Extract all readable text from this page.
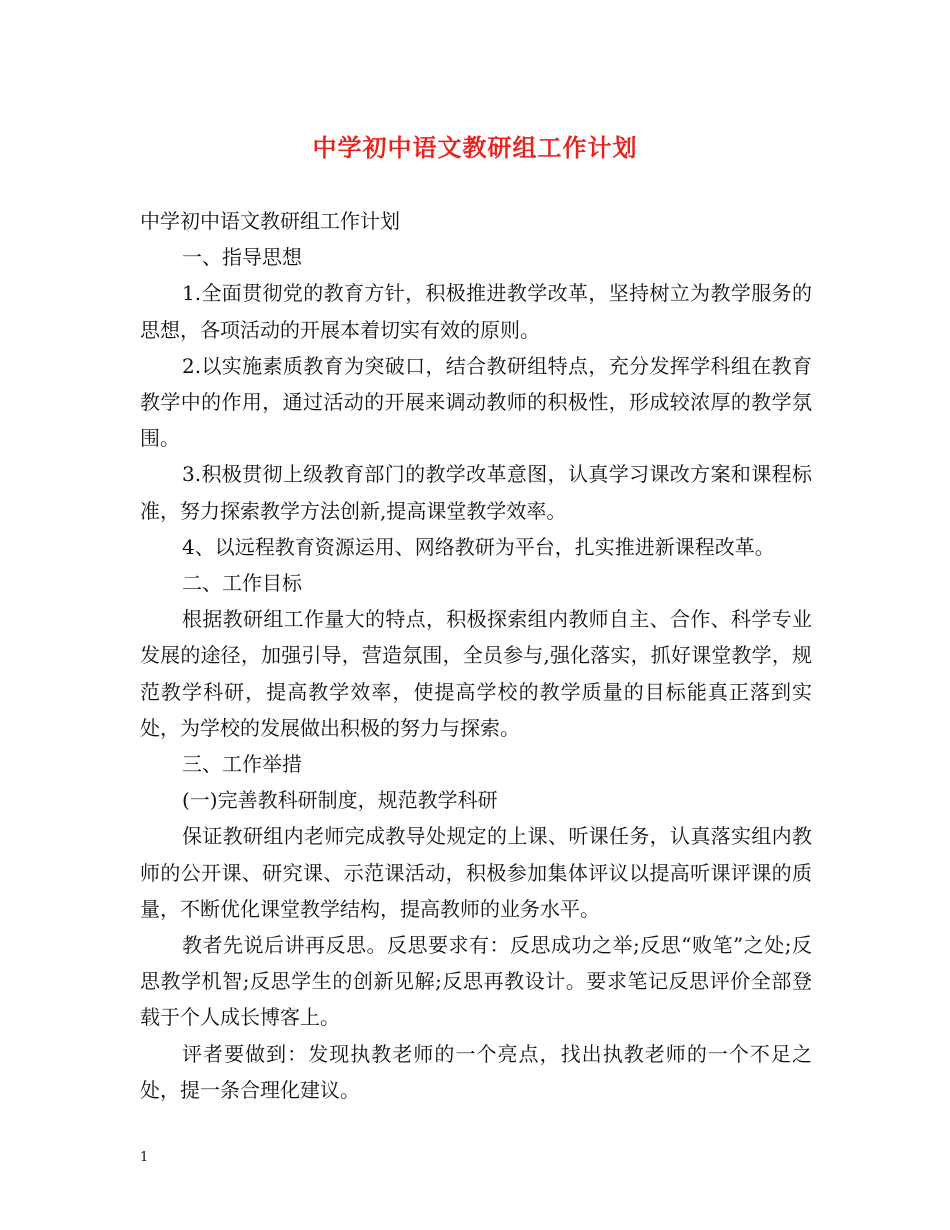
中学初中语文教研组工作计划

中学初中语文教研组工作计划

一、指导思想

1.全面贯彻党的教育方针，积极推进教学改革，坚持树立为教学服务的思想，各项活动的开展本着切实有效的原则。

2.以实施素质教育为突破口，结合教研组特点，充分发挥学科组在教育教学中的作用，通过活动的开展来调动教师的积极性，形成较浓厚的教学氛围。

3.积极贯彻上级教育部门的教学改革意图，认真学习课改方案和课程标准，努力探索教学方法创新,提高课堂教学效率。

4、以远程教育资源运用、网络教研为平台，扎实推进新课程改革。

二、工作目标

根据教研组工作量大的特点，积极探索组内教师自主、合作、科学专业发展的途径，加强引导，营造氛围，全员参与,强化落实，抓好课堂教学，规范教学科研，提高教学效率，使提高学校的教学质量的目标能真正落到实处，为学校的发展做出积极的努力与探索。

三、工作举措

(一)完善教科研制度，规范教学科研

保证教研组内老师完成教导处规定的上课、听课任务，认真落实组内教师的公开课、研究课、示范课活动，积极参加集体评议以提高听课评课的质量，不断优化课堂教学结构，提高教师的业务水平。

教者先说后讲再反思。反思要求有：反思成功之举;反思“败笔”之处;反思教学机智;反思学生的创新见解;反思再教设计。要求笔记反思评价全部登载于个人成长博客上。

评者要做到：发现执教老师的一个亮点，找出执教老师的一个不足之处，提一条合理化建议。

1
